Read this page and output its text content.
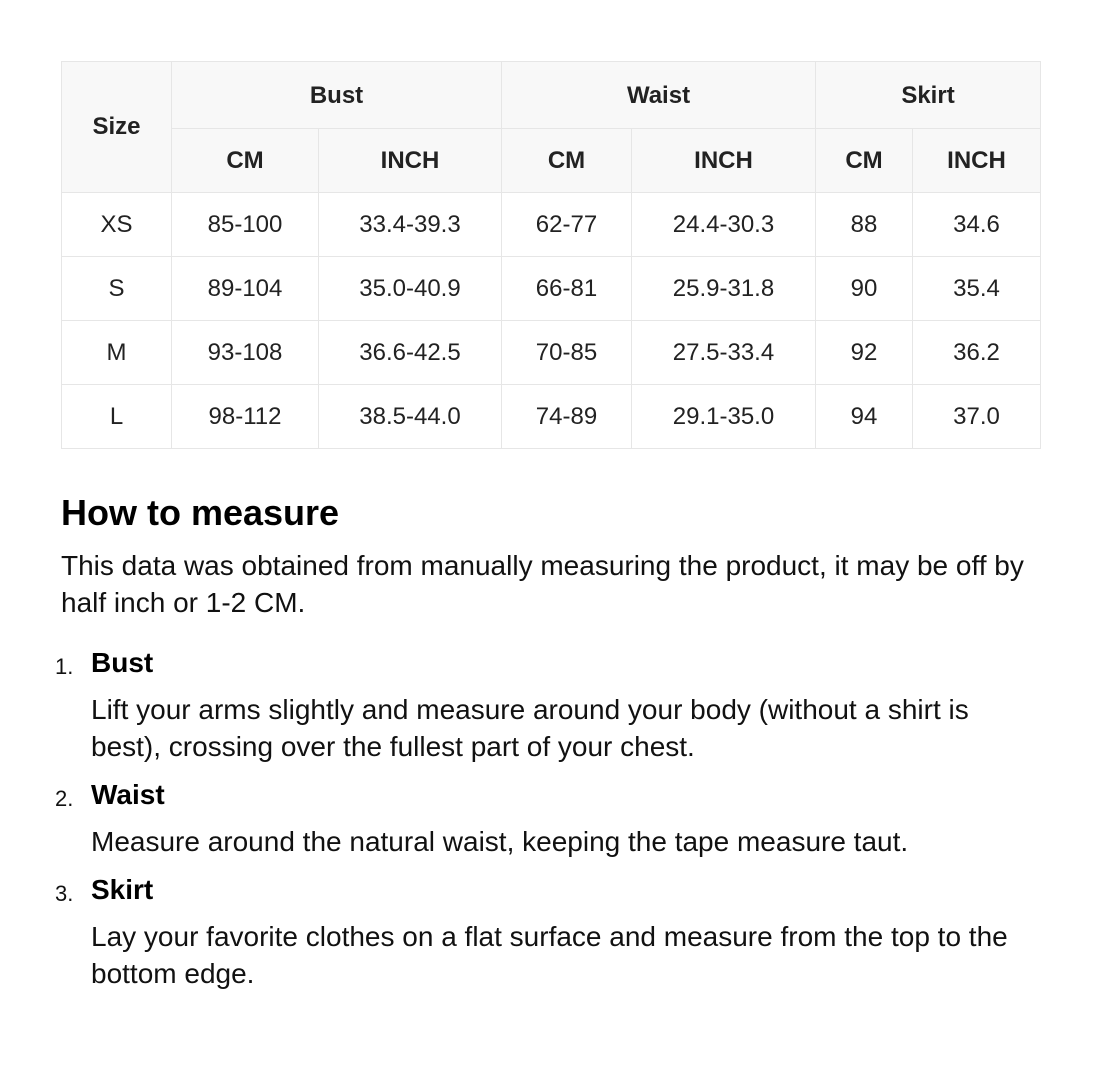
Size	Bust		Waist		Skirt	
	CM	INCH	CM	INCH	CM	INCH
XS	85-100	33.4-39.3	62-77	24.4-30.3	88	34.6
S	89-104	35.0-40.9	66-81	25.9-31.8	90	35.4
M	93-108	36.6-42.5	70-85	27.5-33.4	92	36.2
L	98-112	38.5-44.0	74-89	29.1-35.0	94	37.0
How to measure

This data was obtained from manually measuring the product, it may be off by half inch or 1-2 CM.

1. Bust
Lift your arms slightly and measure around your body (without a shirt is best), crossing over the fullest part of your chest.
2. Waist
Measure around the natural waist, keeping the tape measure taut.
3. Skirt
Lay your favorite clothes on a flat surface and measure from the top to the bottom edge.
